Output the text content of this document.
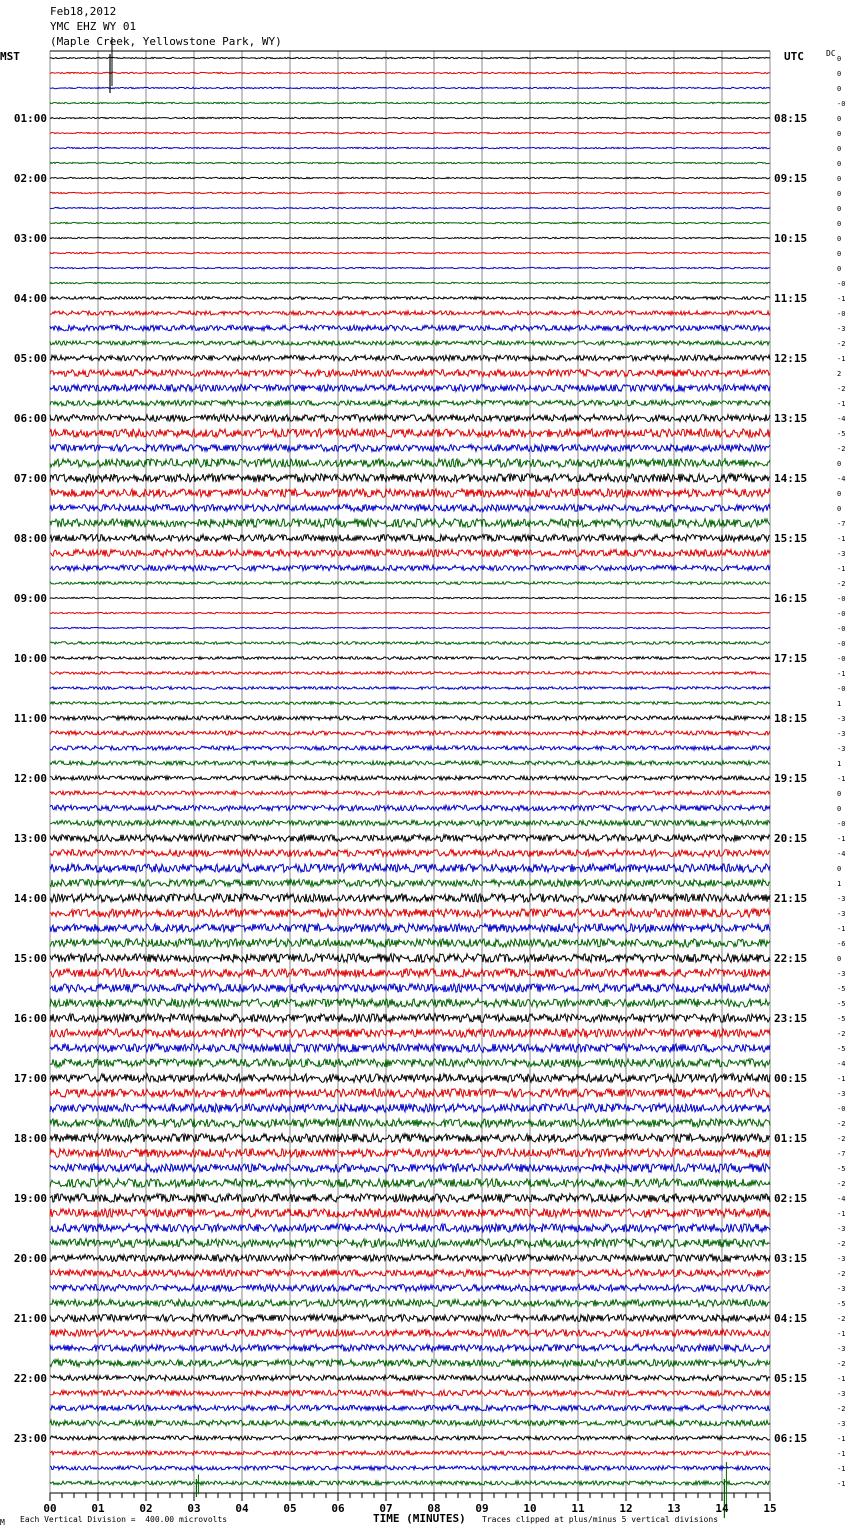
Feb18,2012
YMC EHZ WY 01
(Maple Creek, Yellowstone Park, WY)
MST	UTC	DC
0
0
0
-0
0
01:00	08:15
0
0
0
0
02:00	09:15
0
0
0
0
03:00	10:15
0
0
-0
-1
04:00	11:15
-0
-3
-2
-1
05:00	12:15
2
-2
-1
-4
06:00	13:15
-5
-2
0
-4
07:00	14:15
0
0
-7
-1
08:00	15:15
-3
-1
-2
-0
09:00	16:15
-0
-0
-0
-0
10:00	17:15
-1
-0
1
-3
11:00	18:15
-3
-3
1
-1
12:00	19:15
0
0
-0
-1
13:00	20:15
-4
0
1
-3
14:00	21:15
-3
-1
-6
0
15:00	22:15
-3
-5
-5
-5
16:00	23:15
-2
-5
-4
-1
17:00	00:15
-3
-0
-2
-2
18:00	01:15
-7
-5
-2
-4
19:00	02:15
-1
-3
-2
-3
20:00	03:15
-2
-3
-5
-2
21:00	04:15
-1
-3
-2
-1
22:00	05:15
-3
-2
-3
-1
23:00	06:15
-1
-1
-1
00	01	02	03	04	05	06	07	08	09	10	11	12	13	14	15
M Each Vertical Division =  400.00 microvolts	TIME (MINUTES) Traces clipped at plus/minus 5 vertical divisions
